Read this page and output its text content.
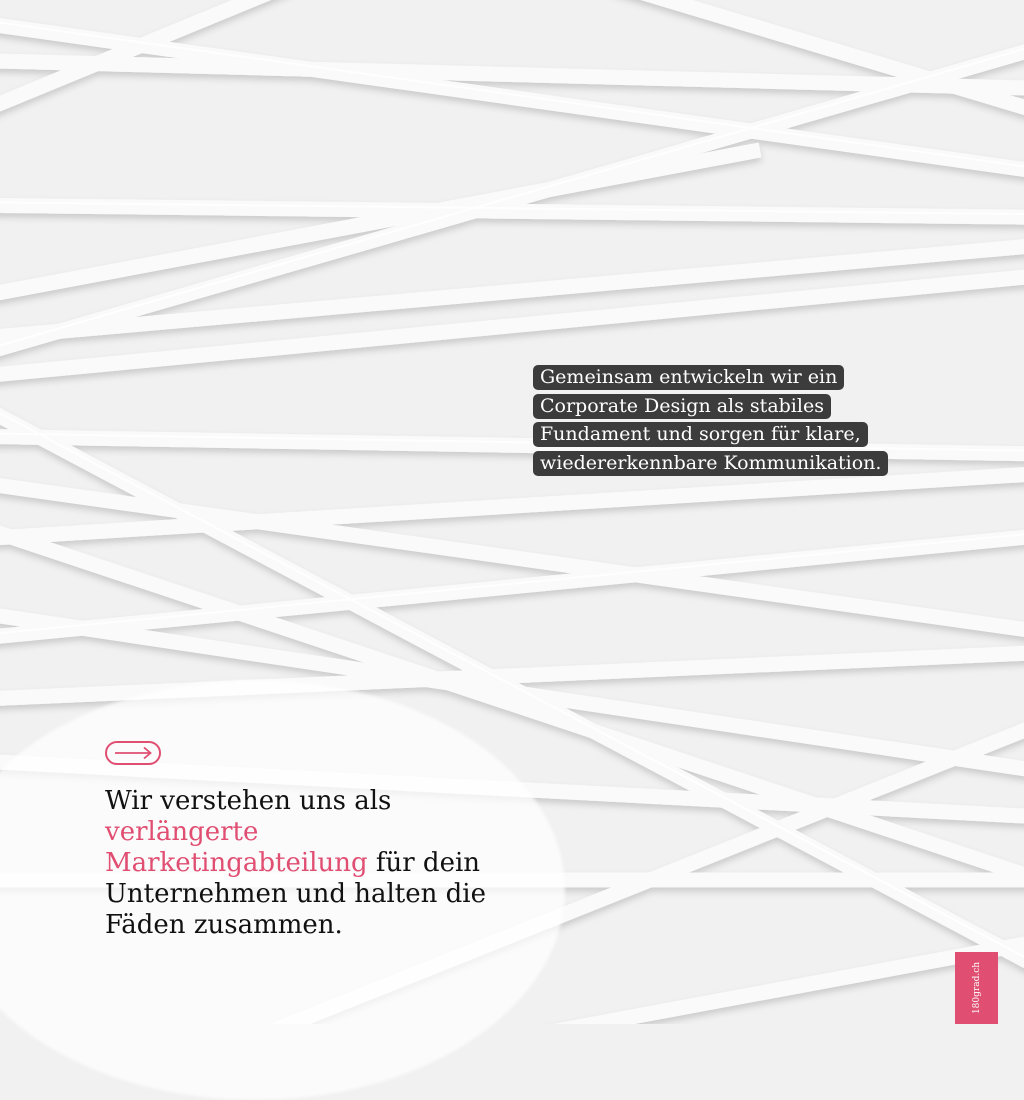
Gemeinsam entwickeln wir ein
Corporate Design als stabiles
Fundament und sorgen für klare,
wiedererkennbare Kommunikation.

Wir verstehen uns als
verlängerte
Marketingabteilung für dein
Unternehmen und halten die
Fäden zusammen.

180grad.ch
